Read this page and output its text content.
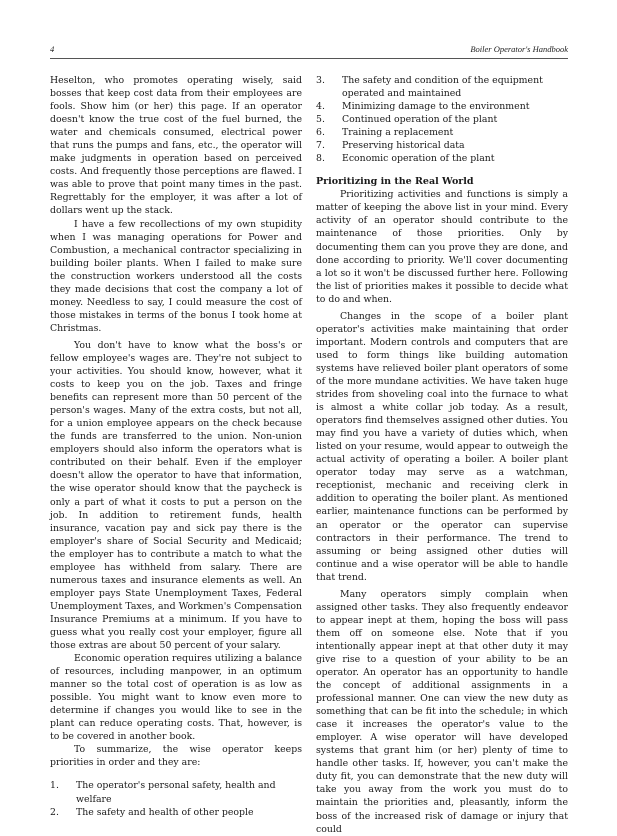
4	Boiler Operator's Handbook

Heselton, who promotes operating wisely, said bosses that keep cost data from their employees are fools. Show him (or her) this page. If an operator doesn't know the true cost of the fuel burned, the water and chemicals consumed, electrical power that runs the pumps and fans, etc., the operator will make judgments in operation based on perceived costs. And frequently those perceptions are flawed. I was able to prove that point many times in the past. Regrettably for the employer, it was after a lot of dollars went up the stack.

I have a few recollections of my own stupidity when I was managing operations for Power and Combustion, a mechanical contractor specializing in building boiler plants. When I failed to make sure the construction workers understood all the costs they made decisions that cost the company a lot of money. Needless to say, I could measure the cost of those mistakes in terms of the bonus I took home at Christmas.

You don't have to know what the boss's or fellow employee's wages are. They're not subject to your activities. You should know, however, what it costs to keep you on the job. Taxes and fringe benefits can represent more than 50 percent of the person's wages. Many of the extra costs, but not all, for a union employee appears on the check because the funds are transferred to the union. Non-union employers should also inform the operators what is contributed on their behalf. Even if the employer doesn't allow the operator to have that information, the wise operator should know that the paycheck is only a part of what it costs to put a person on the job. In addition to retirement funds, health insurance, vacation pay and sick pay there is the employer's share of Social Security and Medicaid; the employer has to contribute a match to what the employee has withheld from salary. There are numerous taxes and insurance elements as well. An employer pays State Unemployment Taxes, Federal Unemployment Taxes, and Workmen's Compensation Insurance Premiums at a minimum. If you have to guess what you really cost your employer, figure all those extras are about 50 percent of your salary.

Economic operation requires utilizing a balance of resources, including manpower, in an optimum manner so the total cost of operation is as low as possible. You might want to know even more to determine if changes you would like to see in the plant can reduce operating costs. That, however, is to be covered in another book.

To summarize, the wise operator keeps priorities in order and they are:

1. The operator's personal safety, health and welfare
2. The safety and health of other people
3. The safety and condition of the equipment operated and maintained
4. Minimizing damage to the environment
5. Continued operation of the plant
6. Training a replacement
7. Preserving historical data
8. Economic operation of the plant
Prioritizing in the Real World

Prioritizing activities and functions is simply a matter of keeping the above list in your mind. Every activity of an operator should contribute to the maintenance of those priorities. Only by documenting them can you prove they are done, and done according to priority. We'll cover documenting a lot so it won't be discussed further here. Following the list of priorities makes it possible to decide what to do and when.

Changes in the scope of a boiler plant operator's activities make maintaining that order important. Modern controls and computers that are used to form things like building automation systems have relieved boiler plant operators of some of the more mundane activities. We have taken huge strides from shoveling coal into the furnace to what is almost a white collar job today. As a result, operators find themselves assigned other duties. You may find you have a variety of duties which, when listed on your resume, would appear to outweigh the actual activity of operating a boiler. A boiler plant operator today may serve as a watchman, receptionist, mechanic and receiving clerk in addition to operating the boiler plant. As mentioned earlier, maintenance functions can be performed by an operator or the operator can supervise contractors in their performance. The trend to assuming or being assigned other duties will continue and a wise operator will be able to handle that trend.

Many operators simply complain when assigned other tasks. They also frequently endeavor to appear inept at them, hoping the boss will pass them off on someone else. Note that if you intentionally appear inept at that other duty it may give rise to a question of your ability to be an operator. An operator has an opportunity to handle the concept of additional assignments in a professional manner. One can view the new duty as something that can be fit into the schedule; in which case it increases the operator's value to the employer. A wise operator will have developed systems that grant him (or her) plenty of time to handle other tasks. If, however, you can't make the duty fit, you can demonstrate that the new duty will take you away from the work you must do to maintain the priorities and, pleasantly, inform the boss of the increased risk of damage or injury that could
